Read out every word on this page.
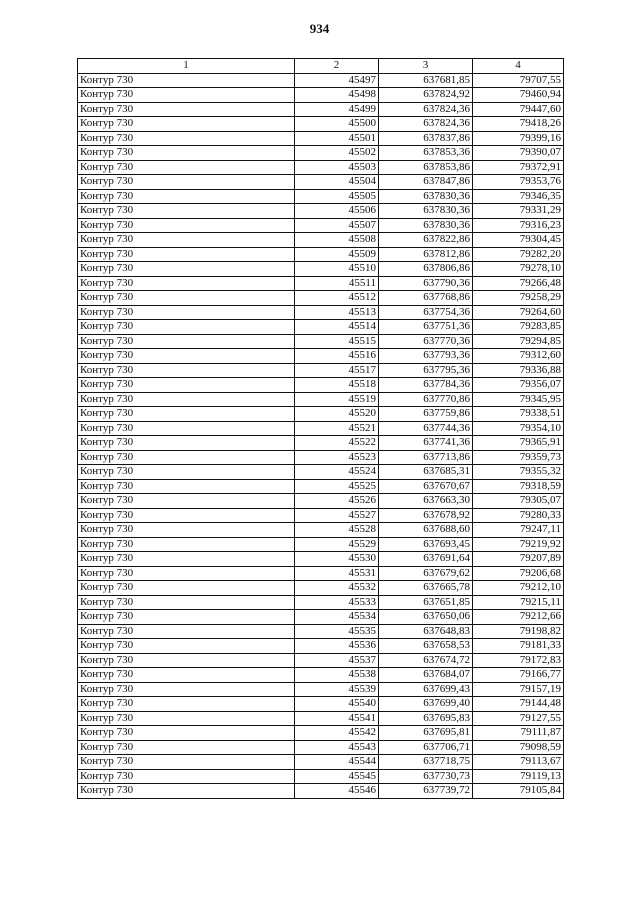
934
1	2	3	4
Контур 730	45497	637681,85	79707,55
Контур 730	45498	637824,92	79460,94
Контур 730	45499	637824,36	79447,60
Контур 730	45500	637824,36	79418,26
Контур 730	45501	637837,86	79399,16
Контур 730	45502	637853,36	79390,07
Контур 730	45503	637853,86	79372,91
Контур 730	45504	637847,86	79353,76
Контур 730	45505	637830,36	79346,35
Контур 730	45506	637830,36	79331,29
Контур 730	45507	637830,36	79316,23
Контур 730	45508	637822,86	79304,45
Контур 730	45509	637812,86	79282,20
Контур 730	45510	637806,86	79278,10
Контур 730	45511	637790,36	79266,48
Контур 730	45512	637768,86	79258,29
Контур 730	45513	637754,36	79264,60
Контур 730	45514	637751,36	79283,85
Контур 730	45515	637770,36	79294,85
Контур 730	45516	637793,36	79312,60
Контур 730	45517	637795,36	79336,88
Контур 730	45518	637784,36	79356,07
Контур 730	45519	637770,86	79345,95
Контур 730	45520	637759,86	79338,51
Контур 730	45521	637744,36	79354,10
Контур 730	45522	637741,36	79365,91
Контур 730	45523	637713,86	79359,73
Контур 730	45524	637685,31	79355,32
Контур 730	45525	637670,67	79318,59
Контур 730	45526	637663,30	79305,07
Контур 730	45527	637678,92	79280,33
Контур 730	45528	637688,60	79247,11
Контур 730	45529	637693,45	79219,92
Контур 730	45530	637691,64	79207,89
Контур 730	45531	637679,62	79206,68
Контур 730	45532	637665,78	79212,10
Контур 730	45533	637651,85	79215,11
Контур 730	45534	637650,06	79212,66
Контур 730	45535	637648,83	79198,82
Контур 730	45536	637658,53	79181,33
Контур 730	45537	637674,72	79172,83
Контур 730	45538	637684,07	79166,77
Контур 730	45539	637699,43	79157,19
Контур 730	45540	637699,40	79144,48
Контур 730	45541	637695,83	79127,55
Контур 730	45542	637695,81	79111,87
Контур 730	45543	637706,71	79098,59
Контур 730	45544	637718,75	79113,67
Контур 730	45545	637730,73	79119,13
Контур 730	45546	637739,72	79105,84
